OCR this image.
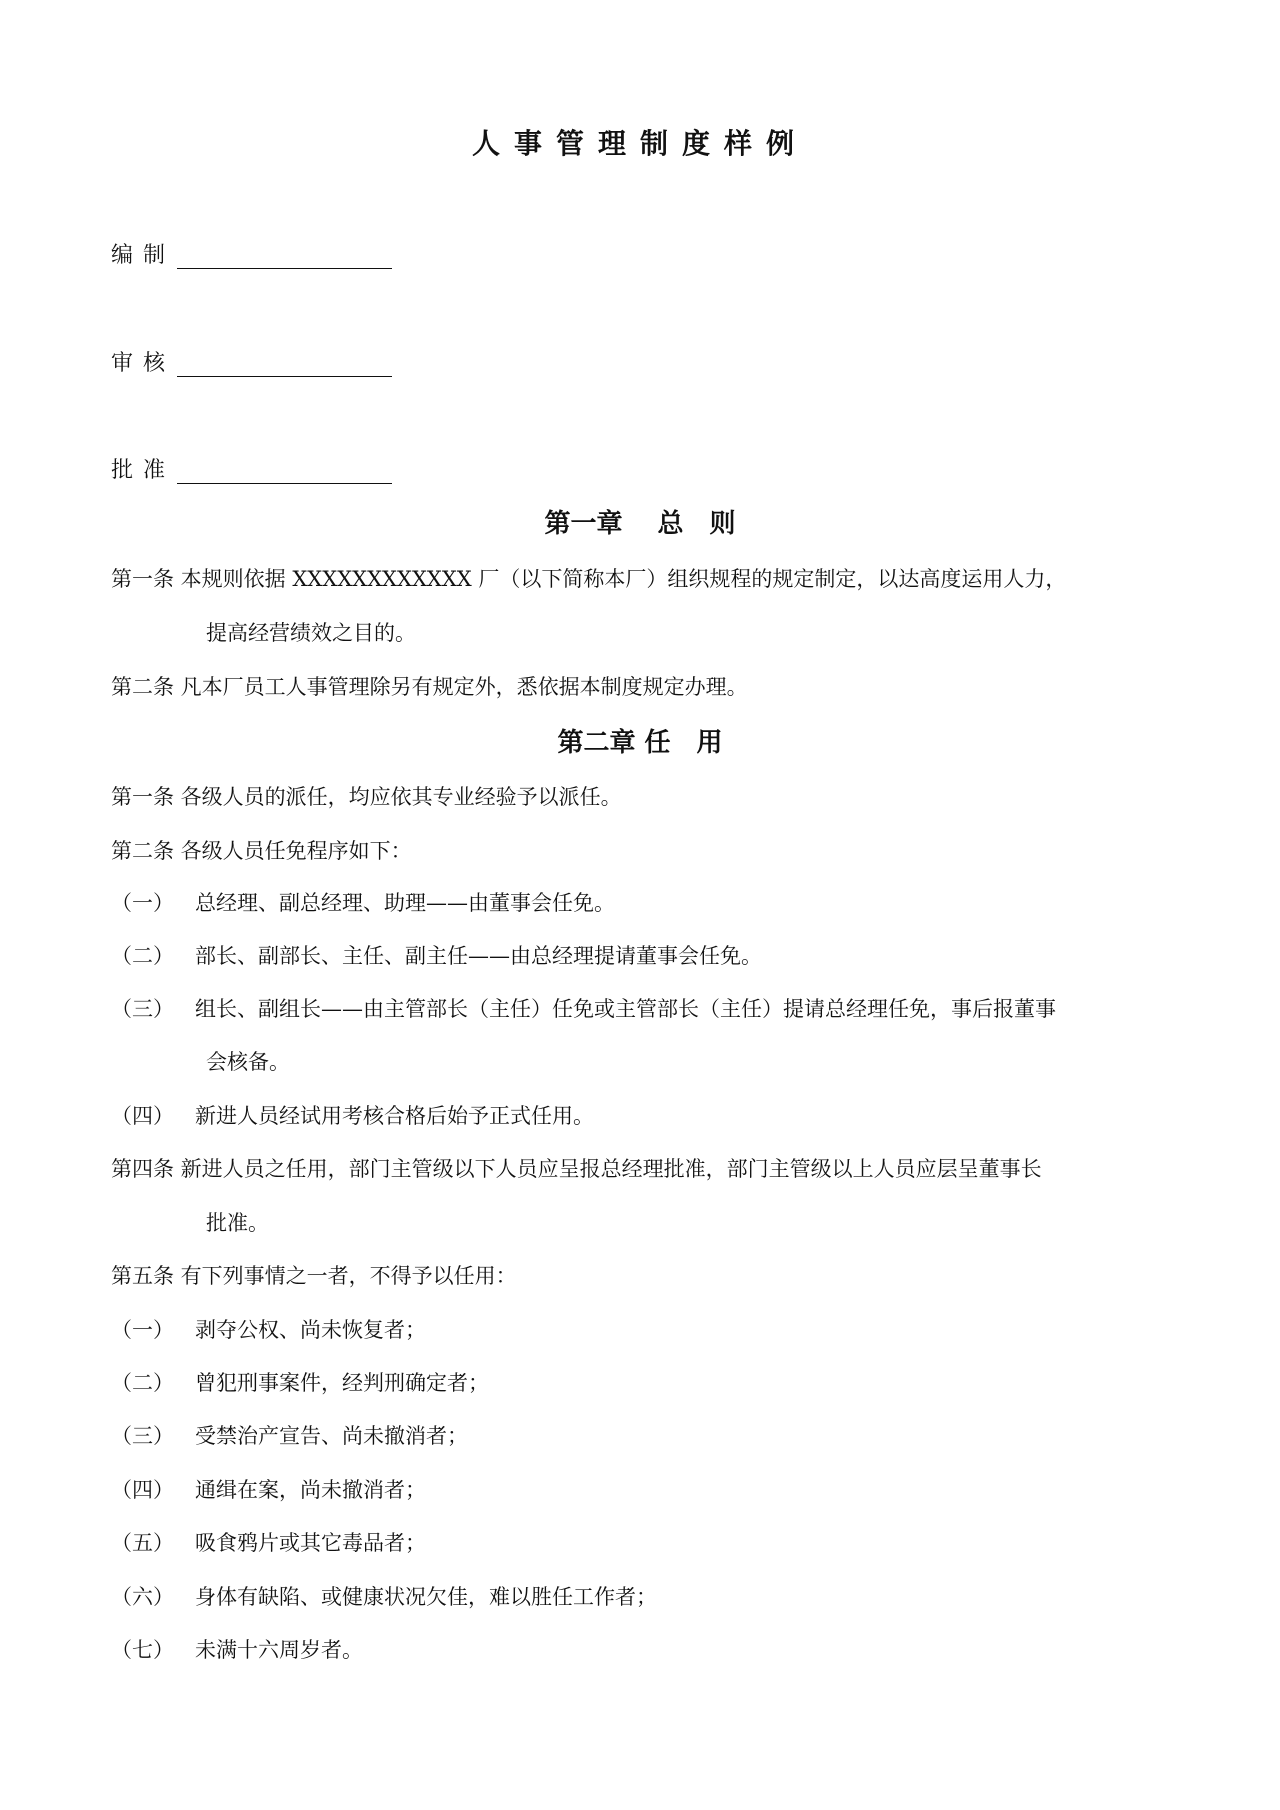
人事管理制度样例
编制
审核
批准
第一章　 总　则
第一条 本规则依据 XXXXXXXXXXXX 厂（以下简称本厂）组织规程的规定制定，以达高度运用人力，
提高经营绩效之目的。
第二条 凡本厂员工人事管理除另有规定外，悉依据本制度规定办理。
第二章 任　用
第一条 各级人员的派任，均应依其专业经验予以派任。
第二条 各级人员任免程序如下：
（一） 总经理、副总经理、助理——由董事会任免。
（二） 部长、副部长、主任、副主任——由总经理提请董事会任免。
（三） 组长、副组长——由主管部长（主任）任免或主管部长（主任）提请总经理任免，事后报董事
会核备。
（四） 新进人员经试用考核合格后始予正式任用。
第四条 新进人员之任用，部门主管级以下人员应呈报总经理批准，部门主管级以上人员应层呈董事长
批准。
第五条 有下列事情之一者，不得予以任用：
（一） 剥夺公权、尚未恢复者；
（二） 曾犯刑事案件，经判刑确定者；
（三） 受禁治产宣告、尚未撤消者；
（四） 通缉在案，尚未撤消者；
（五） 吸食鸦片或其它毒品者；
（六） 身体有缺陷、或健康状况欠佳，难以胜任工作者；
（七） 未满十六周岁者。
